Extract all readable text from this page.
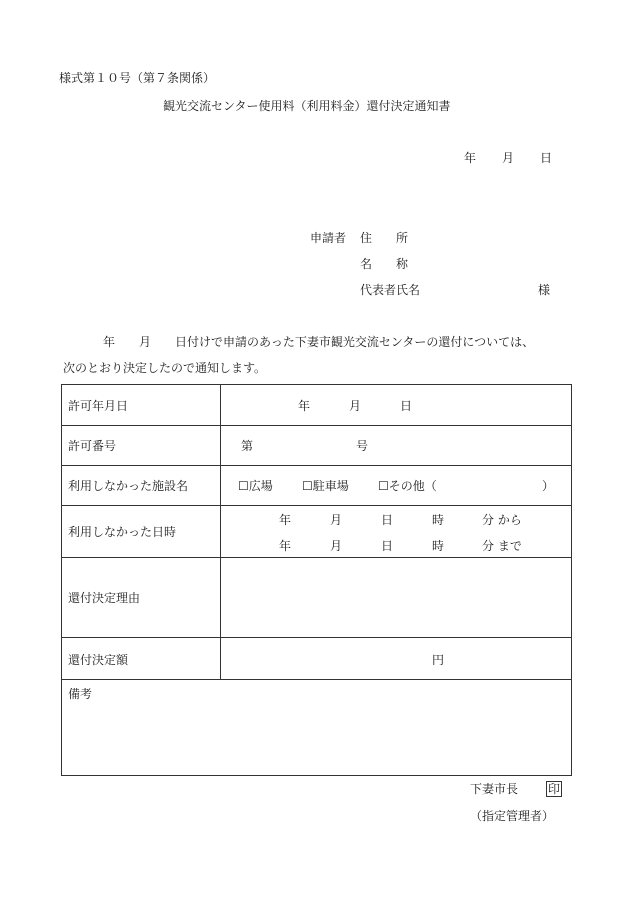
様式第１０号（第７条関係）
観光交流センター使用料（利用料金）還付決定通知書
年 月 日
申請者 住　　所
名　　称
代表者氏名	様
年　　月　　日付けで申請のあった下妻市観光交流センターの還付については、
次のとおり決定したので通知します。
許可年月日	年	月	日
許可番号	第	号
利用しなかった施設名	☐広場 ☐駐車場 ☐その他（	）
利用しなかった日時
年	月	日	時	分 から
年	月	日	時	分 まで
還付決定理由
還付決定額	円
備考
下妻市長 印
（指定管理者）
